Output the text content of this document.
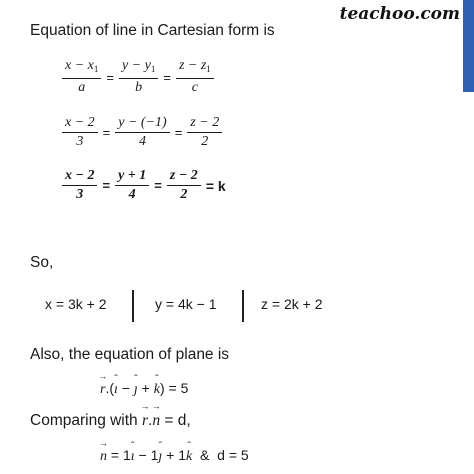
teachoo.com
Equation of line in Cartesian form is
$\frac{x - x_1}{a} = \frac{y - y_1}{b} = \frac{z - z_1}{c}$
$\frac{x - 2}{3} = \frac{y - (-1)}{4} = \frac{z - 2}{2}$
$\frac{x - 2}{3} = \frac{y + 1}{4} = \frac{z - 2}{2} = k$
So,
x = 3k + 2	y = 4k − 1	z = 2k + 2
Also, the equation of plane is
r →.(ı ˆ − ȷ ˆ + k ˆ) = 5
Comparing with r →.n → = d,
n → = 1ı ˆ − 1ȷ ˆ + 1k ˆ  &  d = 5
